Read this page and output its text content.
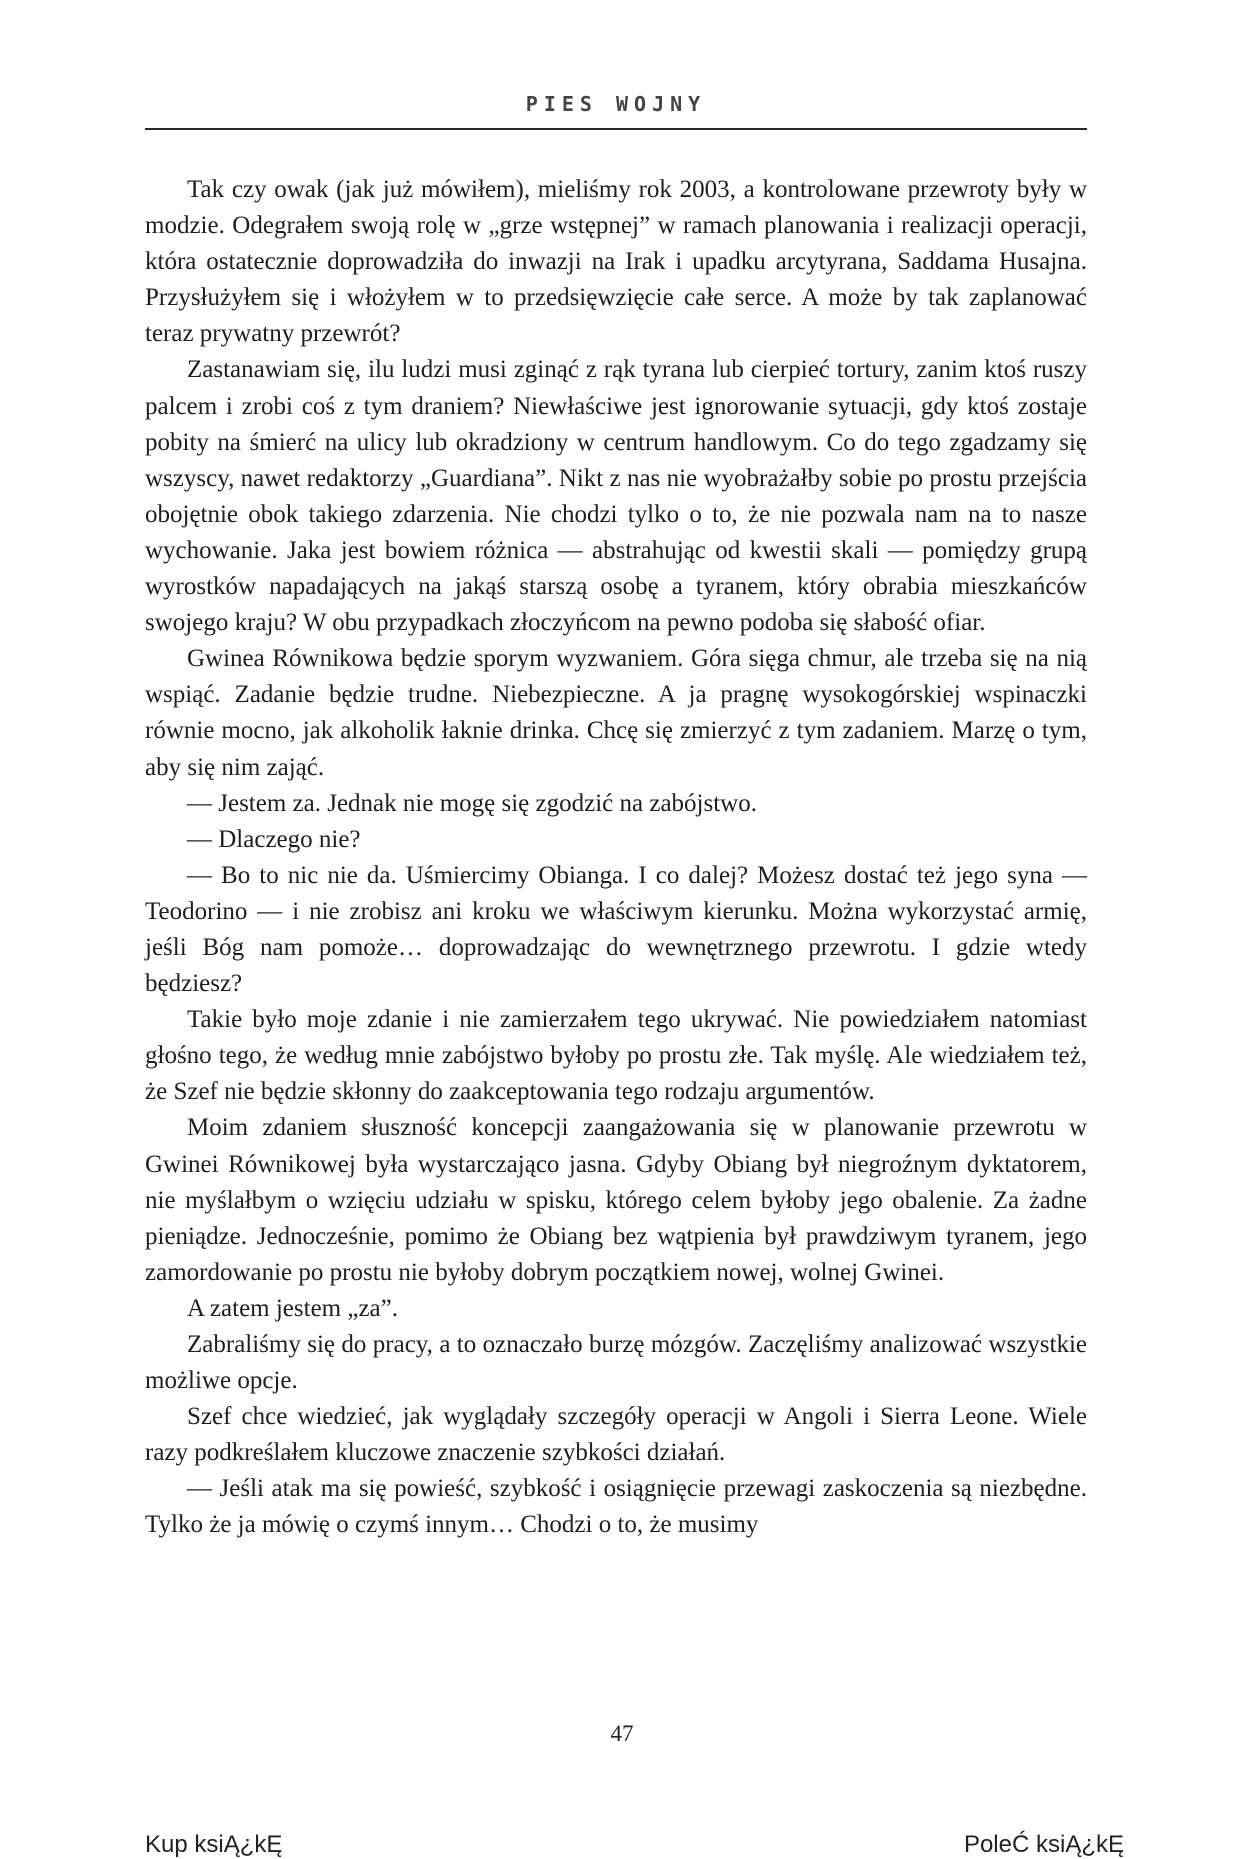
PIES WOJNY

Tak czy owak (jak już mówiłem), mieliśmy rok 2003, a kontrolowane przewroty były w modzie. Odegrałem swoją rolę w „grze wstępnej” w ramach planowania i realizacji operacji, która ostatecznie doprowadziła do inwazji na Irak i upadku arcytyrana, Saddama Husajna. Przysłużyłem się i włożyłem w to przedsięwzięcie całe serce. A może by tak zaplanować teraz prywatny przewrót?

Zastanawiam się, ilu ludzi musi zginąć z rąk tyrana lub cierpieć tortury, zanim ktoś ruszy palcem i zrobi coś z tym draniem? Niewłaściwe jest ignorowanie sytuacji, gdy ktoś zostaje pobity na śmierć na ulicy lub okradziony w centrum handlowym. Co do tego zgadzamy się wszyscy, nawet redaktorzy „Guardiana”. Nikt z nas nie wyobrażałby sobie po prostu przejścia obojętnie obok takiego zdarzenia. Nie chodzi tylko o to, że nie pozwala nam na to nasze wychowanie. Jaka jest bowiem różnica — abstrahując od kwestii skali — pomiędzy grupą wyrostków napadających na jakąś starszą osobę a tyranem, który obrabia mieszkańców swojego kraju? W obu przypadkach złoczyńcom na pewno podoba się słabość ofiar.

Gwinea Równikowa będzie sporym wyzwaniem. Góra sięga chmur, ale trzeba się na nią wspiąć. Zadanie będzie trudne. Niebezpieczne. A ja pragnę wysokogórskiej wspinaczki równie mocno, jak alkoholik łaknie drinka. Chcę się zmierzyć z tym zadaniem. Marzę o tym, aby się nim zająć.

— Jestem za. Jednak nie mogę się zgodzić na zabójstwo.

— Dlaczego nie?

— Bo to nic nie da. Uśmiercimy Obianga. I co dalej? Możesz dostać też jego syna — Teodorino — i nie zrobisz ani kroku we właściwym kierunku. Można wykorzystać armię, jeśli Bóg nam pomoże… doprowadzając do wewnętrznego przewrotu. I gdzie wtedy będziesz?

Takie było moje zdanie i nie zamierzałem tego ukrywać. Nie powiedziałem natomiast głośno tego, że według mnie zabójstwo byłoby po prostu złe. Tak myślę. Ale wiedziałem też, że Szef nie będzie skłonny do zaakceptowania tego rodzaju argumentów.

Moim zdaniem słuszność koncepcji zaangażowania się w planowanie przewrotu w Gwinei Równikowej była wystarczająco jasna. Gdyby Obiang był niegroźnym dyktatorem, nie myślałbym o wzięciu udziału w spisku, którego celem byłoby jego obalenie. Za żadne pieniądze. Jednocześnie, pomimo że Obiang bez wątpienia był prawdziwym tyranem, jego zamordowanie po prostu nie byłoby dobrym początkiem nowej, wolnej Gwinei.

A zatem jestem „za”.

Zabraliśmy się do pracy, a to oznaczało burzę mózgów. Zaczęliśmy analizować wszystkie możliwe opcje.

Szef chce wiedzieć, jak wyglądały szczegóły operacji w Angoli i Sierra Leone. Wiele razy podkreślałem kluczowe znaczenie szybkości działań.

— Jeśli atak ma się powieść, szybkość i osiągnięcie przewagi zaskoczenia są niezbędne. Tylko że ja mówię o czymś innym… Chodzi o to, że musimy

47
Kup ksiĄ¿kĘ	PoleĆ ksiĄ¿kĘ
